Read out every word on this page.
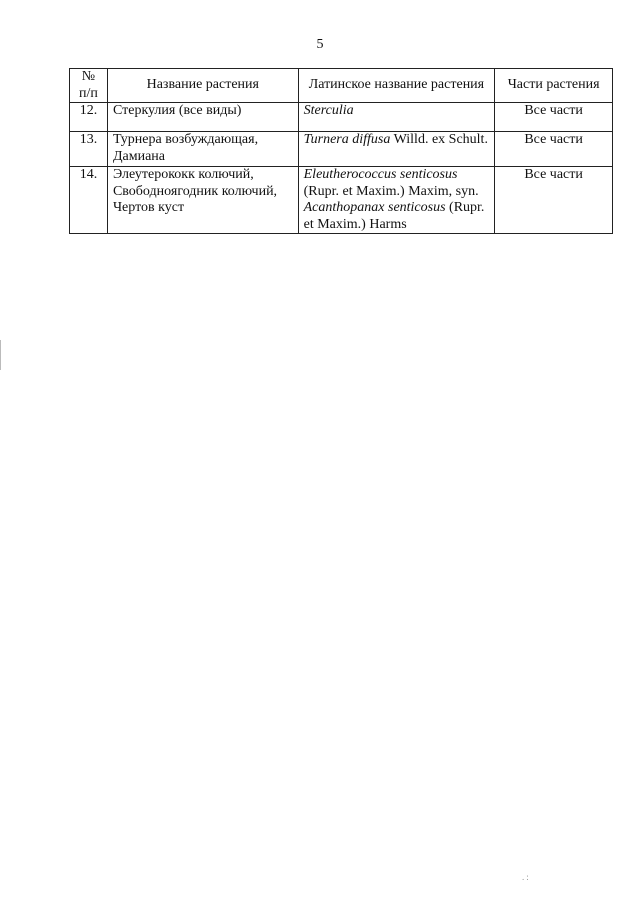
5
№ п/п	Название растения	Латинское название растения	Части растения
12.	Стеркулия (все виды)	Sterculia	Все части
13.	Турнера возбуждающая, Дамиана	Turnera diffusa Willd. ex Schult.	Все части
14.	Элеутерококк колючий, Свободноягодник колючий, Чертов куст	Eleutherococcus senticosus (Rupr. et Maxim.) Maxim, syn. Acanthopanax senticosus (Rupr. et Maxim.) Harms	Все части
.:
